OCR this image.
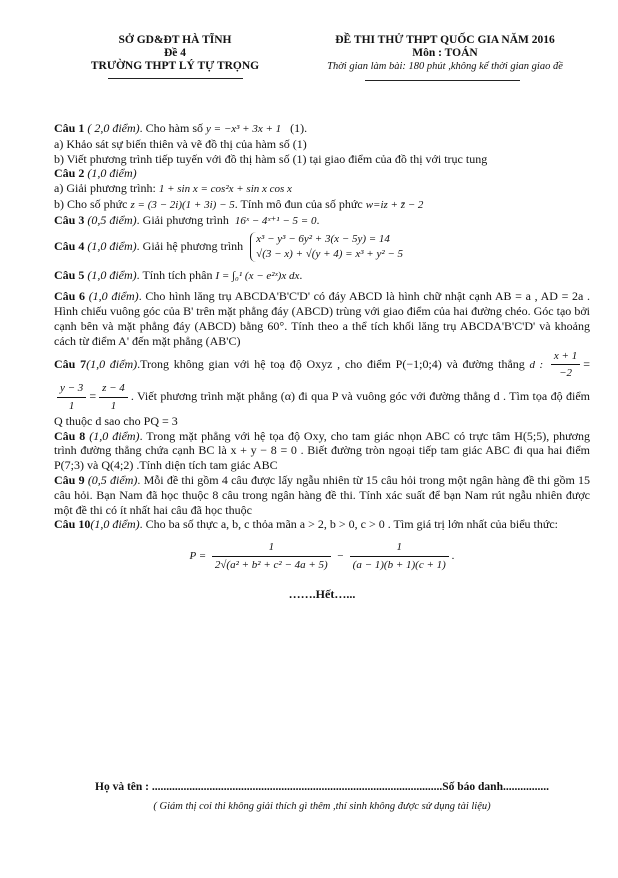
SỞ GD&ĐT HÀ TĨNH
Đề 4
TRƯỜNG THPT LÝ TỰ TRỌNG
ĐỀ THI THỬ THPT QUỐC GIA NĂM 2016
Môn : TOÁN
Thời gian làm bài: 180 phút ,không kể thời gian giao đề

Câu 1 ( 2,0 điểm). Cho hàm số y = −x³ + 3x + 1 (1).

a) Khảo sát sự biến thiên và vẽ đồ thị của hàm số (1)

b) Viết phương trình tiếp tuyến với đồ thị hàm số (1) tại giao điểm của đồ thị với trục tung

Câu 2 (1,0 điểm)

a) Giải phương trình: 1 + sin x = cos²x + sin x cos x

b) Cho số phức z = (3 − 2i)(1 + 3i) − 5. Tính mô đun của số phức w=iz + z̄ − 2

Câu 3 (0,5 điểm). Giải phương trình  16ˣ − 4ˣ⁺¹ − 5 = 0.

Câu 4 (1,0 điểm). Giải hệ phương trình x³ − y³ − 6y² + 3(x − 5y) = 14
√(3 − x) + √(y + 4) = x³ + y² − 5

Câu 5 (1,0 điểm). Tính tích phân I = ∫₀¹ (x − e²ˣ)x dx.

Câu 6 (1,0 điểm). Cho hình lăng trụ ABCDA'B'C'D' có đáy ABCD là hình chữ nhật cạnh AB = a , AD = 2a . Hình chiếu vuông góc của B' trên mặt phẳng đáy (ABCD) trùng với giao điểm của hai đường chéo. Góc tạo bởi cạnh bên và mặt phẳng đáy (ABCD) bằng 60°. Tính theo a thể tích khối lăng trụ ABCDA'B'C'D' và khoảng cách từ điểm A' đến mặt phẳng (AB'C)

Câu 7(1,0 điểm).Trong không gian với hệ toạ độ Oxyz , cho điểm P(−1;0;4) và đường thẳng d : $\frac{x + 1}{-2}$ =
$\frac{y - 3}{1} = \frac{z - 4}{1}$ . Viết phương trình mặt phẳng (α) đi qua P và vuông góc với đường thẳng d . Tìm tọa độ điểm Q thuộc d sao cho PQ = 3

Câu 8 (1,0 điểm). Trong mặt phẳng với hệ tọa độ Oxy, cho tam giác nhọn ABC có trực tâm H(5;5), phương trình đường thẳng chứa cạnh BC là x + y − 8 = 0 . Biết đường tròn ngoại tiếp tam giác ABC đi qua hai điểm P(7;3) và Q(4;2) .Tính diện tích tam giác ABC

Câu 9 (0,5 điểm). Mỗi đề thi gồm 4 câu được lấy ngẫu nhiên từ 15 câu hỏi trong một ngân hàng đề thi gồm 15 câu hỏi. Bạn Nam đã học thuộc 8 câu trong ngân hàng đề thi. Tính xác suất để bạn Nam rút ngẫu nhiên được một đề thi có ít nhất hai câu đã học thuộc

Câu 10(1,0 điểm). Cho ba số thực a, b, c thỏa mãn a > 2, b > 0, c > 0 . Tìm giá trị lớn nhất của biểu thức:

$P = \frac{1}{\text{2√(a² + b² + c² − 4a + 5)}} - \frac{1}{(a - 1)(b + 1)(c + 1)}$ .
…….Hết…...
Họ và tên : .....................................................................................................Số báo danh................
( Giám thị coi thi không giải thích gì thêm ,thí sinh không được sử dụng tài liệu)
